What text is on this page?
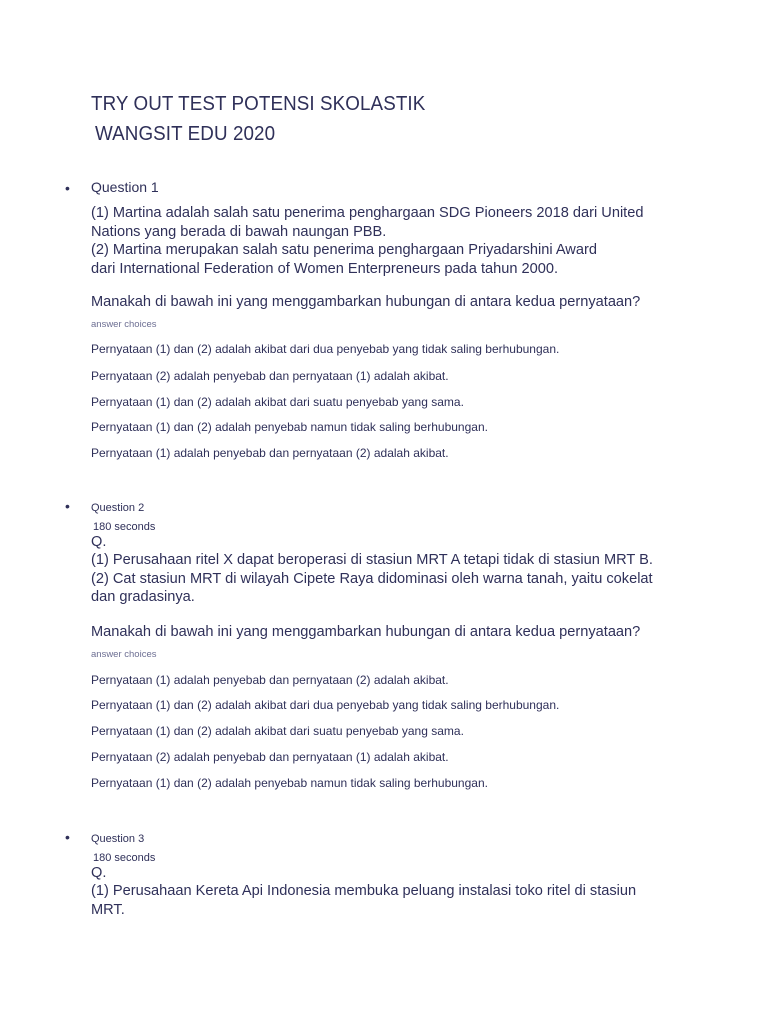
TRY OUT TEST POTENSI SKOLASTIK
WANGSIT EDU 2020
• Question 1
(1) Martina adalah salah satu penerima penghargaan SDG Pioneers 2018 dari United
Nations yang berada di bawah naungan PBB.
(2) Martina merupakan salah satu penerima penghargaan Priyadarshini Award
dari International Federation of Women Enterpreneurs pada tahun 2000.
Manakah di bawah ini yang menggambarkan hubungan di antara kedua pernyataan?
answer choices
Pernyataan (1) dan (2) adalah akibat dari dua penyebab yang tidak saling berhubungan.
Pernyataan (2) adalah penyebab dan pernyataan (1) adalah akibat.
Pernyataan (1) dan (2) adalah akibat dari suatu penyebab yang sama.
Pernyataan (1) dan (2) adalah penyebab namun tidak saling berhubungan.
Pernyataan (1) adalah penyebab dan pernyataan (2) adalah akibat.
• Question 2
180 seconds
Q.
(1) Perusahaan ritel X dapat beroperasi di stasiun MRT A tetapi tidak di stasiun MRT B.
(2) Cat stasiun MRT di wilayah Cipete Raya didominasi oleh warna tanah, yaitu cokelat
dan gradasinya.
Manakah di bawah ini yang menggambarkan hubungan di antara kedua pernyataan?
answer choices
Pernyataan (1) adalah penyebab dan pernyataan (2) adalah akibat.
Pernyataan (1) dan (2) adalah akibat dari dua penyebab yang tidak saling berhubungan.
Pernyataan (1) dan (2) adalah akibat dari suatu penyebab yang sama.
Pernyataan (2) adalah penyebab dan pernyataan (1) adalah akibat.
Pernyataan (1) dan (2) adalah penyebab namun tidak saling berhubungan.
• Question 3
180 seconds
Q.
(1) Perusahaan Kereta Api Indonesia membuka peluang instalasi toko ritel di stasiun
MRT.
